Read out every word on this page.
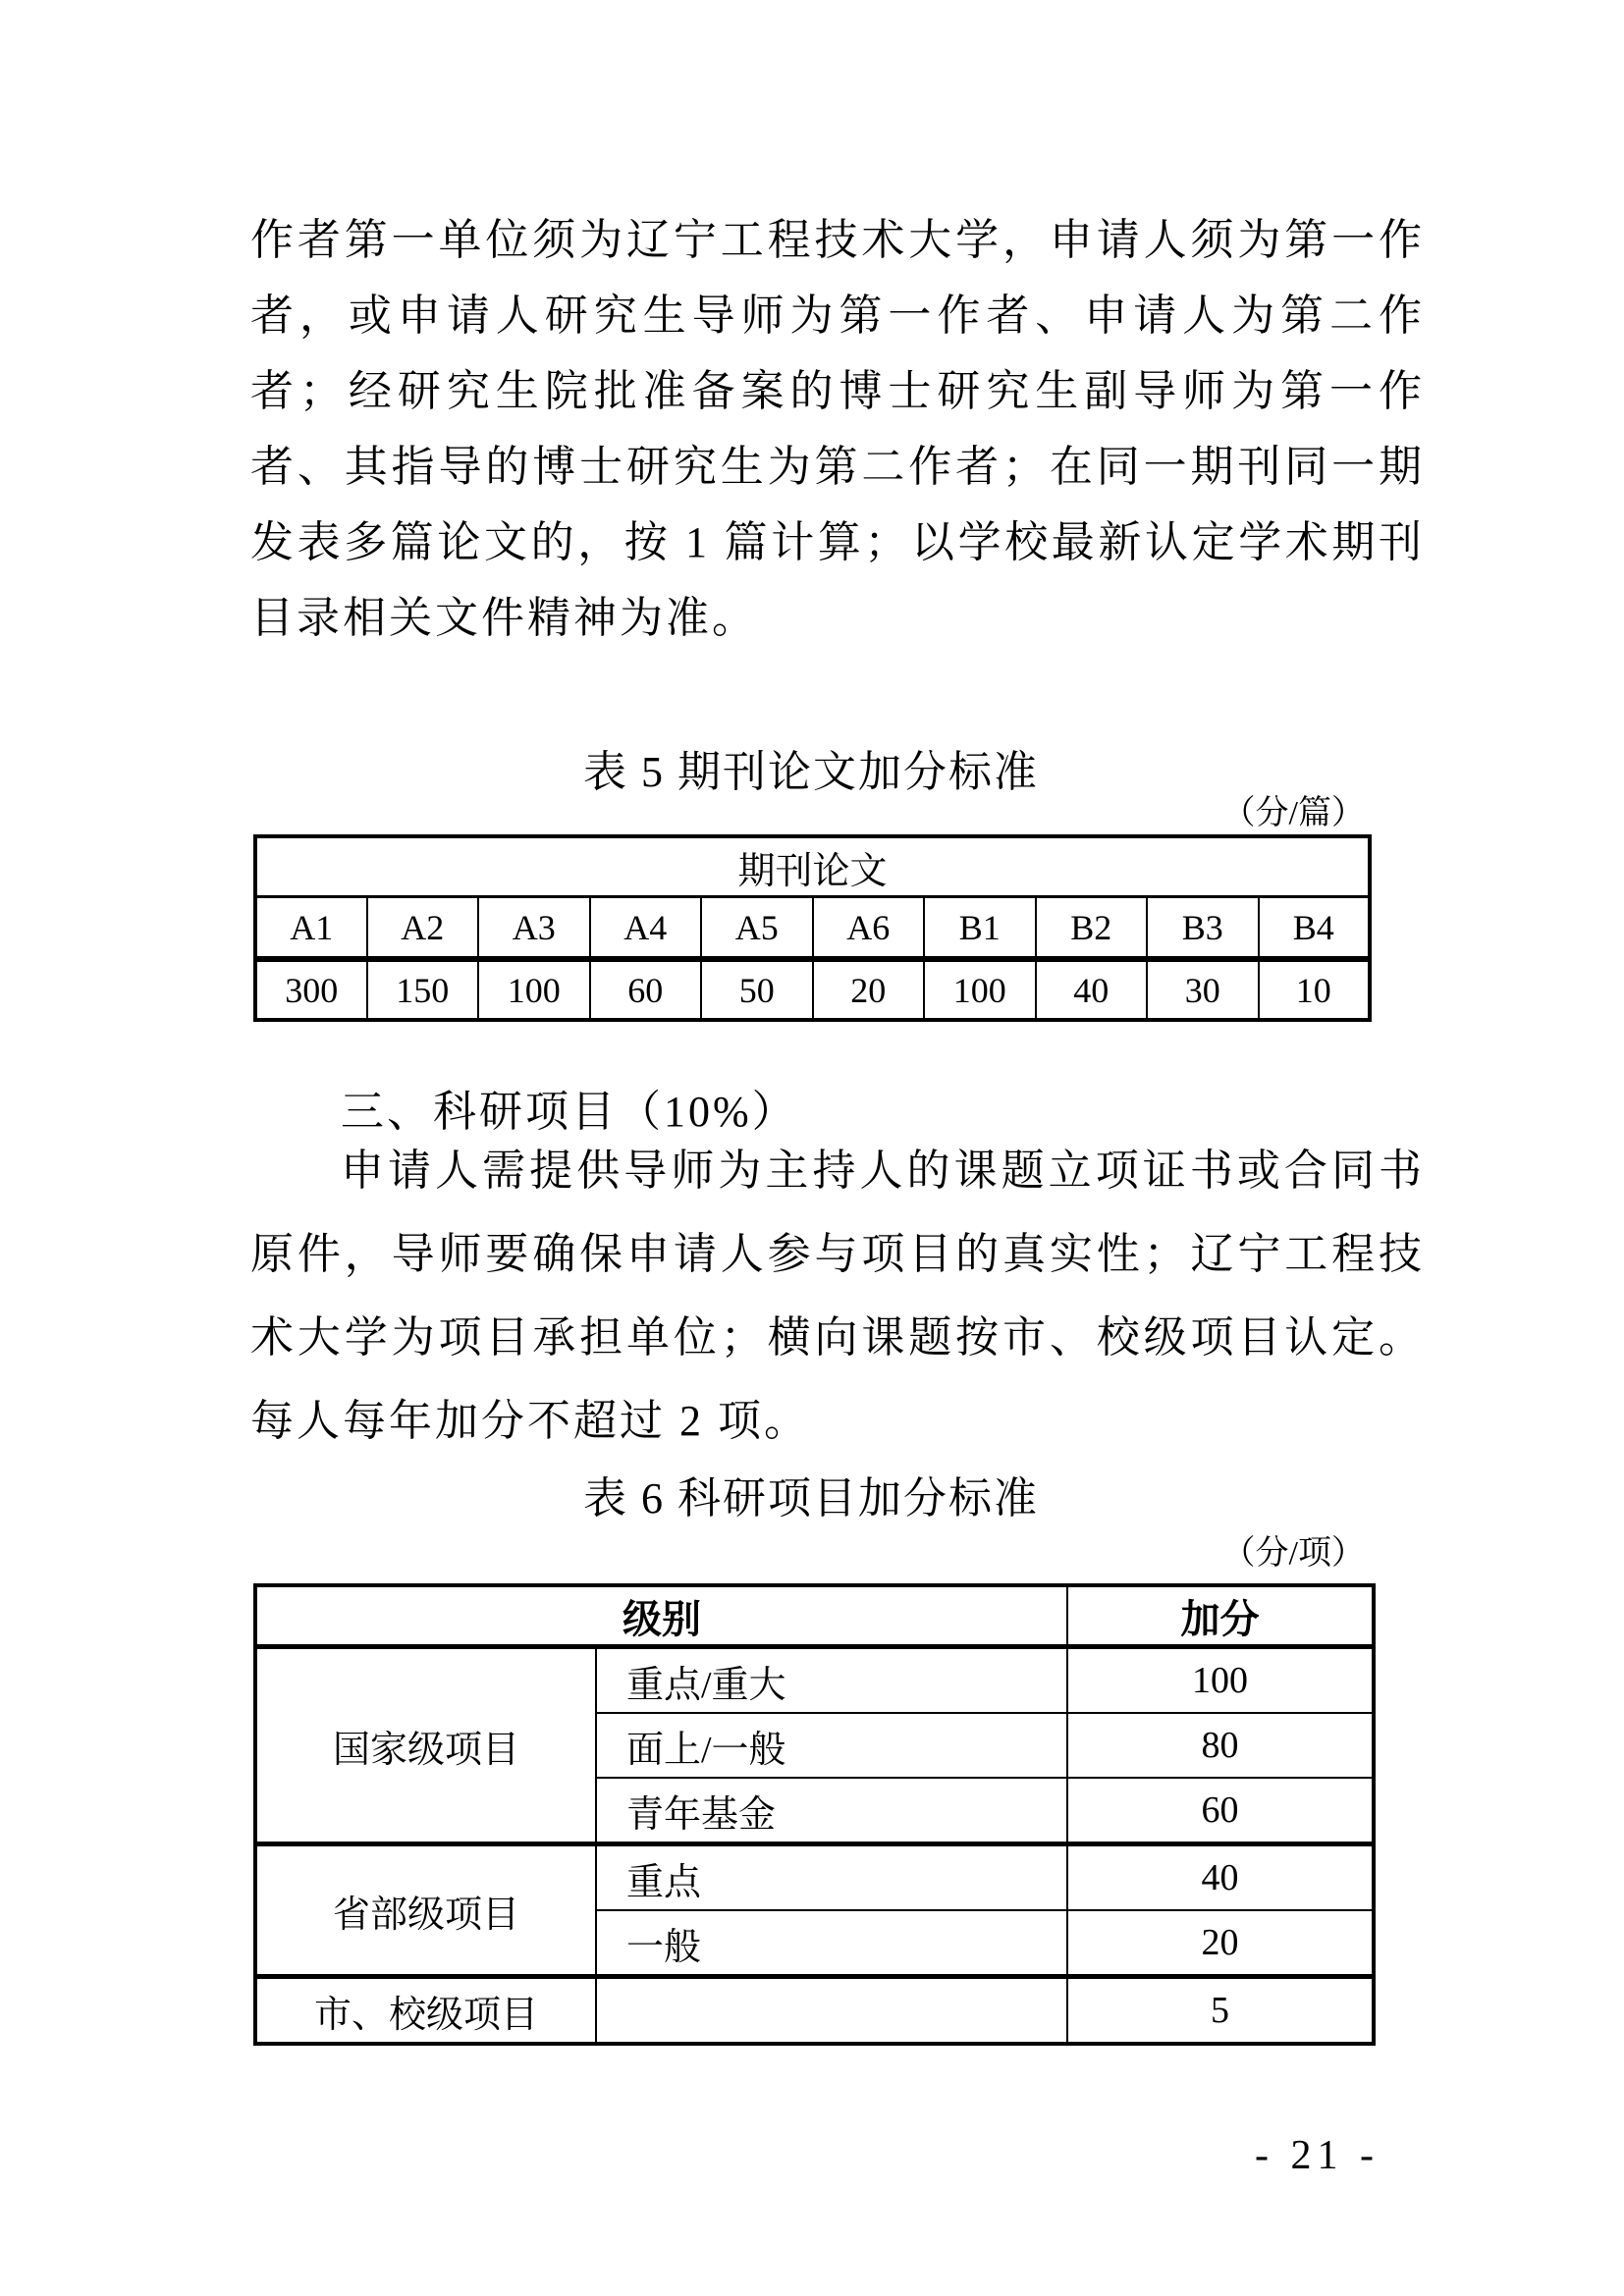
作者第一单位须为辽宁工程技术大学，申请人须为第一作者，或申请人研究生导师为第一作者、申请人为第二作者；经研究生院批准备案的博士研究生副导师为第一作者、其指导的博士研究生为第二作者；在同一期刊同一期发表多篇论文的，按 1 篇计算；以学校最新认定学术期刊目录相关文件精神为准。

表 5 期刊论文加分标准
（分/篇）
期刊论文									
A1	A2	A3	A4	A5	A6	B1	B2	B3	B4
300	150	100	60	50	20	100	40	30	10
三、科研项目（10%）

申请人需提供导师为主持人的课题立项证书或合同书原件，导师要确保申请人参与项目的真实性；辽宁工程技术大学为项目承担单位；横向课题按市、校级项目认定。每人每年加分不超过 2 项。

表 6 科研项目加分标准
（分/项）
级别		加分
国家级项目	重点/重大	100
	面上/一般	80
	青年基金	60
省部级项目	重点	40
	一般	20
市、校级项目		5
- 21 -
